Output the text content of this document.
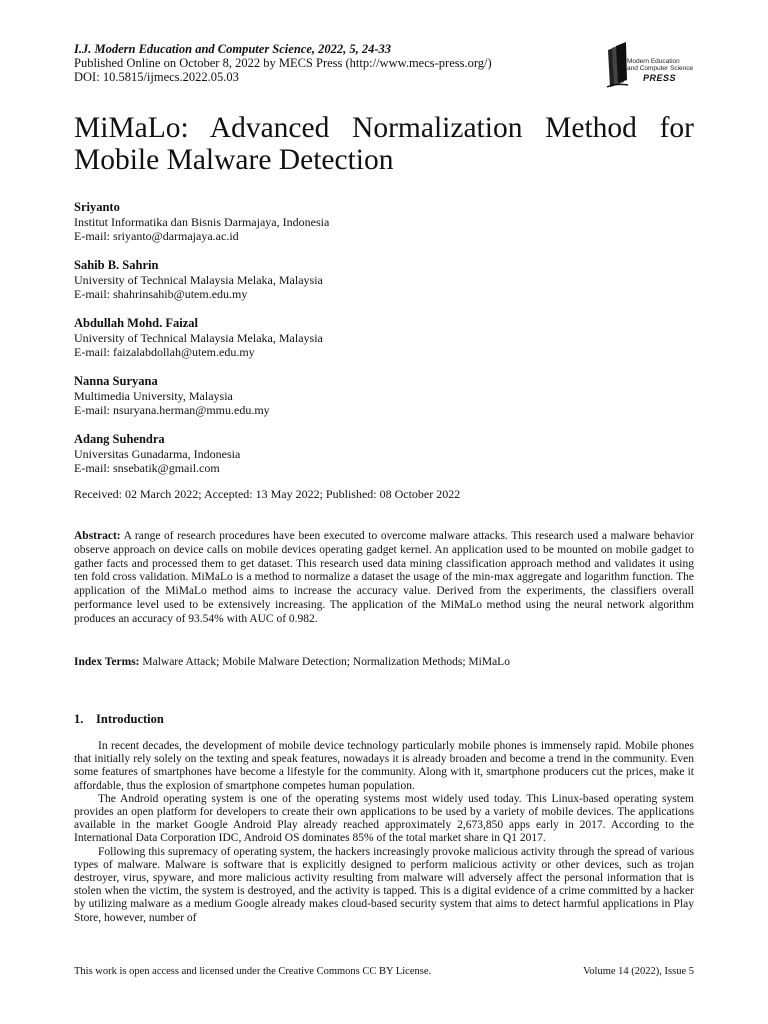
I.J. Modern Education and Computer Science, 2022, 5, 24-33
Published Online on October 8, 2022 by MECS Press (http://www.mecs-press.org/)
DOI: 10.5815/ijmecs.2022.05.03
Modern Education
and Computer Science
PRESS
MiMaLo: Advanced Normalization Method for
Mobile Malware Detection
Sriyanto
Institut Informatika dan Bisnis Darmajaya, Indonesia
E-mail: sriyanto@darmajaya.ac.id
Sahib B. Sahrin
University of Technical Malaysia Melaka, Malaysia
E-mail: shahrinsahib@utem.edu.my
Abdullah Mohd. Faizal
University of Technical Malaysia Melaka, Malaysia
E-mail: faizalabdollah@utem.edu.my
Nanna Suryana
Multimedia University, Malaysia
E-mail: nsuryana.herman@mmu.edu.my
Adang Suhendra
Universitas Gunadarma, Indonesia
E-mail: snsebatik@gmail.com
Received: 02 March 2022; Accepted: 13 May 2022; Published: 08 October 2022

Abstract: A range of research procedures have been executed to overcome malware attacks. This research used a malware behavior observe approach on device calls on mobile devices operating gadget kernel. An application used to be mounted on mobile gadget to gather facts and processed them to get dataset. This research used data mining classification approach method and validates it using ten fold cross validation. MiMaLo is a method to normalize a dataset the usage of the min-max aggregate and logarithm function. The application of the MiMaLo method aims to increase the accuracy value. Derived from the experiments, the classifiers overall performance level used to be extensively increasing. The application of the MiMaLo method using the neural network algorithm produces an accuracy of 93.54% with AUC of 0.982.

Index Terms: Malware Attack; Mobile Malware Detection; Normalization Methods; MiMaLo
1. Introduction

In recent decades, the development of mobile device technology particularly mobile phones is immensely rapid. Mobile phones that initially rely solely on the texting and speak features, nowadays it is already broaden and become a trend in the community. Even some features of smartphones have become a lifestyle for the community. Along with it, smartphone producers cut the prices, make it affordable, thus the explosion of smartphone competes human population.

The Android operating system is one of the operating systems most widely used today. This Linux-based operating system provides an open platform for developers to create their own applications to be used by a variety of mobile devices. The applications available in the market Google Android Play already reached approximately 2,673,850 apps early in 2017. According to the International Data Corporation IDC, Android OS dominates 85% of the total market share in Q1 2017.

Following this supremacy of operating system, the hackers increasingly provoke malicious activity through the spread of various types of malware. Malware is software that is explicitly designed to perform malicious activity or other devices, such as trojan destroyer, virus, spyware, and more malicious activity resulting from malware will adversely affect the personal information that is stolen when the victim, the system is destroyed, and the activity is tapped. This is a digital evidence of a crime committed by a hacker by utilizing malware as a medium Google already makes cloud-based security system that aims to detect harmful applications in Play Store, however, number of

This work is open access and licensed under the Creative Commons CC BY License.	Volume 14 (2022), Issue 5
